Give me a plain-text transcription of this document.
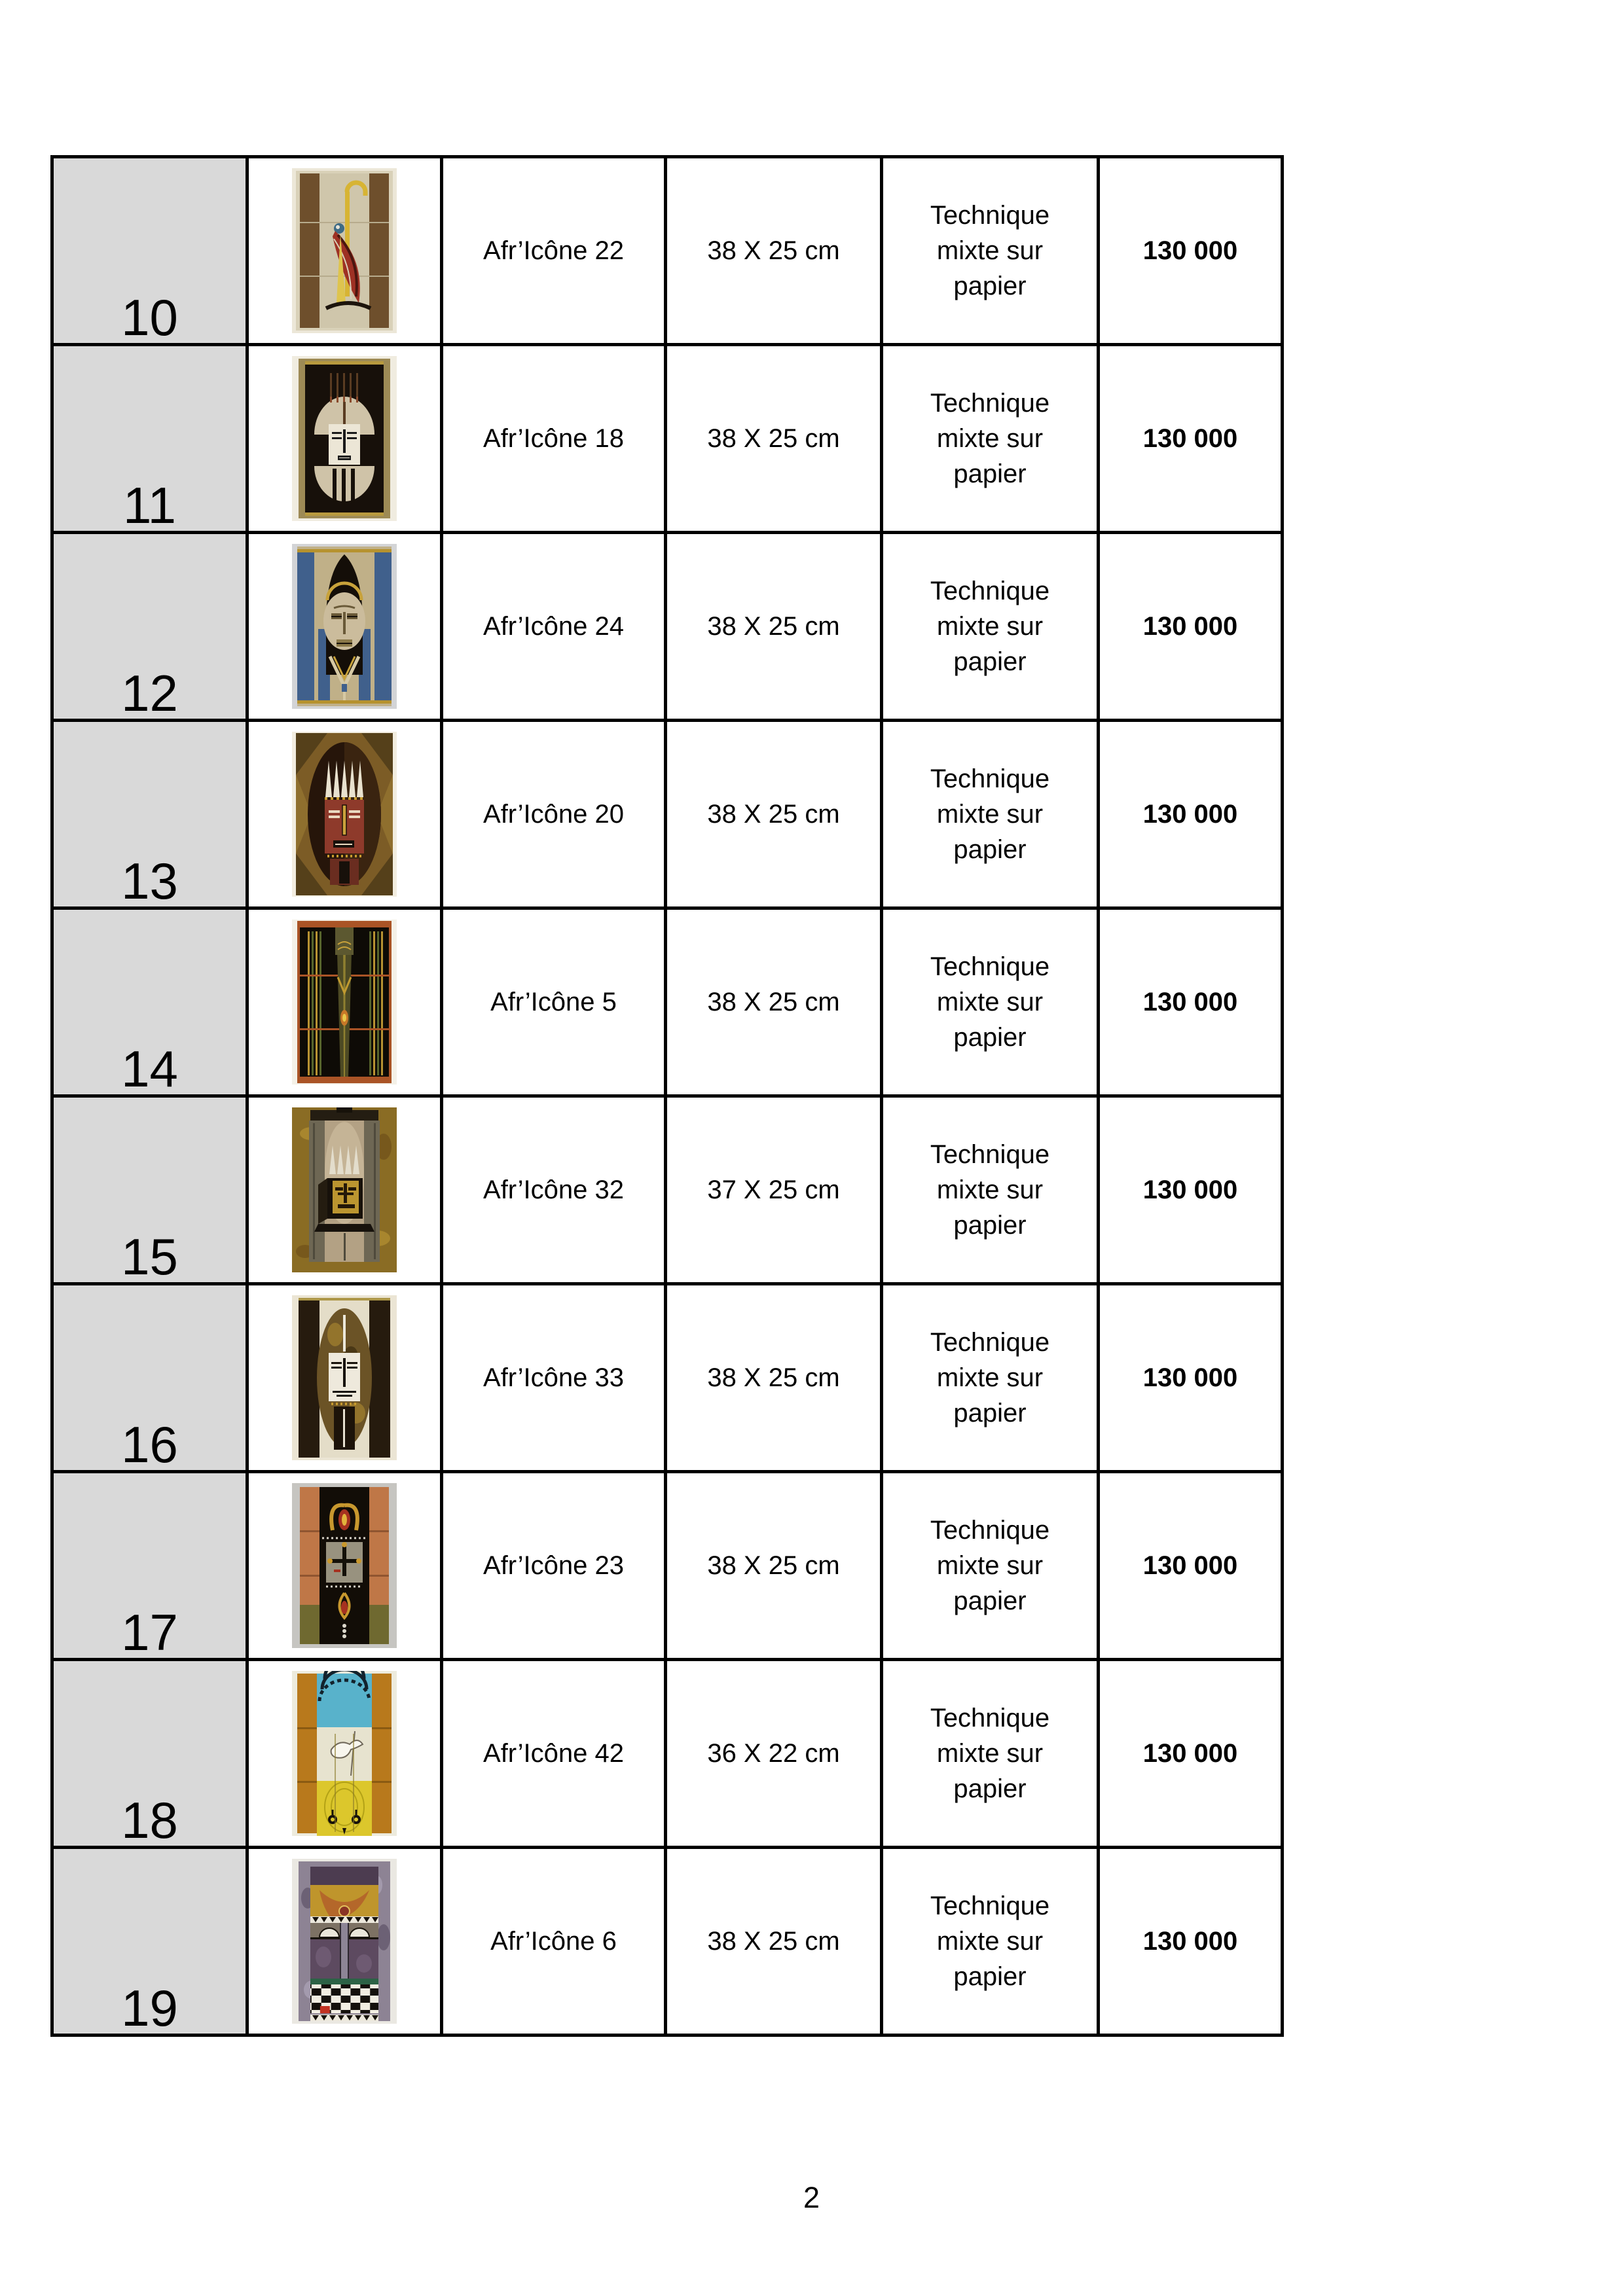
10		Afr’Icône 22	38 X 25 cm	Technique
mixte sur
papier	130 000
11		Afr’Icône 18	38 X 25 cm	Technique
mixte sur
papier	130 000
12		Afr’Icône 24	38 X 25 cm	Technique
mixte sur
papier	130 000
13		Afr’Icône 20	38 X 25 cm	Technique
mixte sur
papier	130 000
14		Afr’Icône 5	38 X 25 cm	Technique
mixte sur
papier	130 000
15		Afr’Icône 32	37 X 25 cm	Technique
mixte sur
papier	130 000
16		Afr’Icône 33	38 X 25 cm	Technique
mixte sur
papier	130 000
17		Afr’Icône 23	38 X 25 cm	Technique
mixte sur
papier	130 000
18		Afr’Icône 42	36 X 22 cm	Technique
mixte sur
papier	130 000
19		Afr’Icône 6	38 X 25 cm	Technique
mixte sur
papier	130 000
2
